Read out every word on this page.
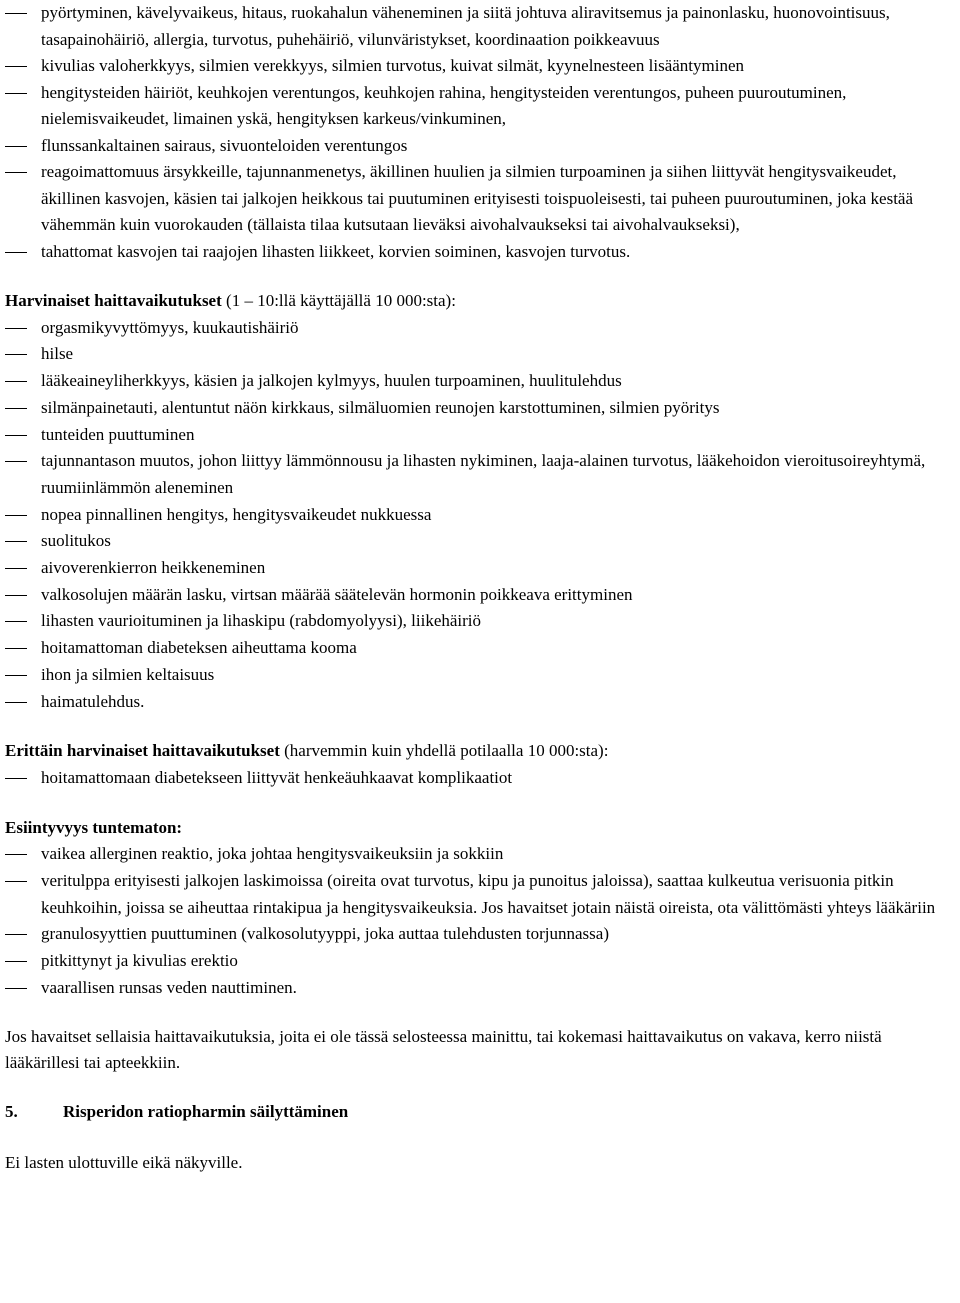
pyörtyminen, kävelyvaikeus, hitaus, ruokahalun väheneminen ja siitä johtuva aliravitsemus ja painonlasku, huonovointisuus, tasapainohäiriö, allergia, turvotus, puhehäiriö, vilunväristykset, koordinaation poikkeavuus
kivulias valoherkkyys, silmien verekkyys, silmien turvotus, kuivat silmät, kyynelnesteen lisääntyminen
hengitysteiden häiriöt, keuhkojen verentungos, keuhkojen rahina, hengitysteiden verentungos, puheen puuroutuminen, nielemisvaikeudet, limainen yskä, hengityksen karkeus/vinkuminen,
flunssankaltainen sairaus, sivuonteloiden verentungos
reagoimattomuus ärsykkeille, tajunnanmenetys, äkillinen huulien ja silmien turpoaminen ja siihen liittyvät hengitysvaikeudet, äkillinen kasvojen, käsien tai jalkojen heikkous tai puutuminen erityisesti toispuoleisesti, tai puheen puuroutuminen, joka kestää vähemmän kuin vuorokauden (tällaista tilaa kutsutaan lieväksi aivohalvaukseksi tai aivohalvaukseksi),
tahattomat kasvojen tai raajojen lihasten liikkeet, korvien soiminen, kasvojen turvotus.
Harvinaiset haittavaikutukset (1 – 10:llä käyttäjällä 10 000:sta):
orgasmikyvyttömyys, kuukautishäiriö
hilse
lääkeaineyliherkkyys, käsien ja jalkojen kylmyys, huulen turpoaminen, huulitulehdus
silmänpainetauti, alentuntut näön kirkkaus, silmäluomien reunojen karstottuminen, silmien pyöritys
tunteiden puuttuminen
tajunnantason muutos, johon liittyy lämmönnousu ja lihasten nykiminen, laaja-alainen turvotus, lääkehoidon vieroitusoireyhtymä, ruumiinlämmön aleneminen
nopea pinnallinen hengitys, hengitysvaikeudet nukkuessa
suolitukos
aivoverenkierron heikkeneminen
valkosolujen määrän lasku, virtsan määrää säätelevän hormonin poikkeava erittyminen
lihasten vaurioituminen ja lihaskipu (rabdomyolyysi), liikehäiriö
hoitamattoman diabeteksen aiheuttama kooma
ihon ja silmien keltaisuus
haimatulehdus.
Erittäin harvinaiset haittavaikutukset (harvemmin kuin yhdellä potilaalla 10 000:sta):
hoitamattomaan diabetekseen liittyvät henkeäuhkaavat komplikaatiot
Esiintyvyys tuntematon:
vaikea allerginen reaktio, joka johtaa hengitysvaikeuksiin ja sokkiin
veritulppa erityisesti jalkojen laskimoissa (oireita ovat turvotus, kipu ja punoitus jaloissa), saattaa kulkeutua verisuonia pitkin keuhkoihin, joissa se aiheuttaa rintakipua ja hengitysvaikeuksia. Jos havaitset jotain näistä oireista, ota välittömästi yhteys lääkäriin
granulosyyttien puuttuminen (valkosolutyyppi, joka auttaa tulehdusten torjunnassa)
pitkittynyt ja kivulias erektio
vaarallisen runsas veden nauttiminen.

Jos havaitset sellaisia haittavaikutuksia, joita ei ole tässä selosteessa mainittu, tai kokemasi haittavaikutus on vakava, kerro niistä lääkärillesi tai apteekkiin.

5.	Risperidon ratiopharmin säilyttäminen
Ei lasten ulottuville eikä näkyville.
